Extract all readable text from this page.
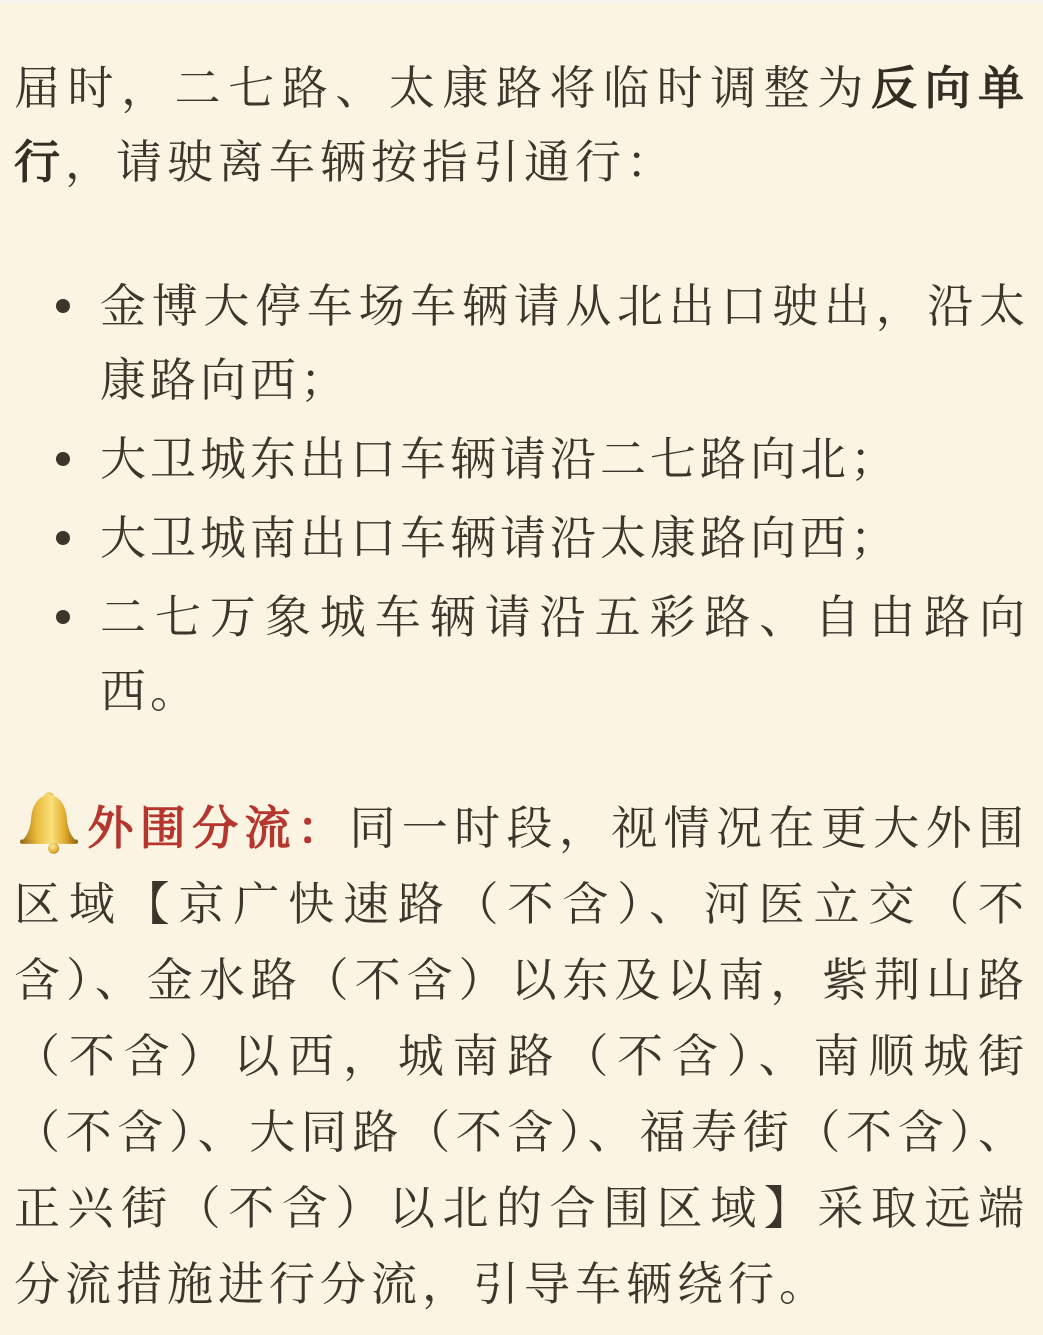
届时，二七路、太康路将临时调整为反向单行，请驶离车辆按指引通行：

金博大停车场车辆请从北出口驶出，沿太康路向西；
大卫城东出口车辆请沿二七路向北；
大卫城南出口车辆请沿太康路向西；
二七万象城车辆请沿五彩路、自由路向西。

外围分流：同一时段，视情况在更大外围区域【京广快速路（不含）、河医立交（不含）、金水路（不含）以东及以南，紫荆山路（不含）以西，城南路（不含）、南顺城街（不含）、大同路（不含）、福寿街（不含）、正兴街（不含）以北的合围区域】采取远端分流措施进行分流，引导车辆绕行。
